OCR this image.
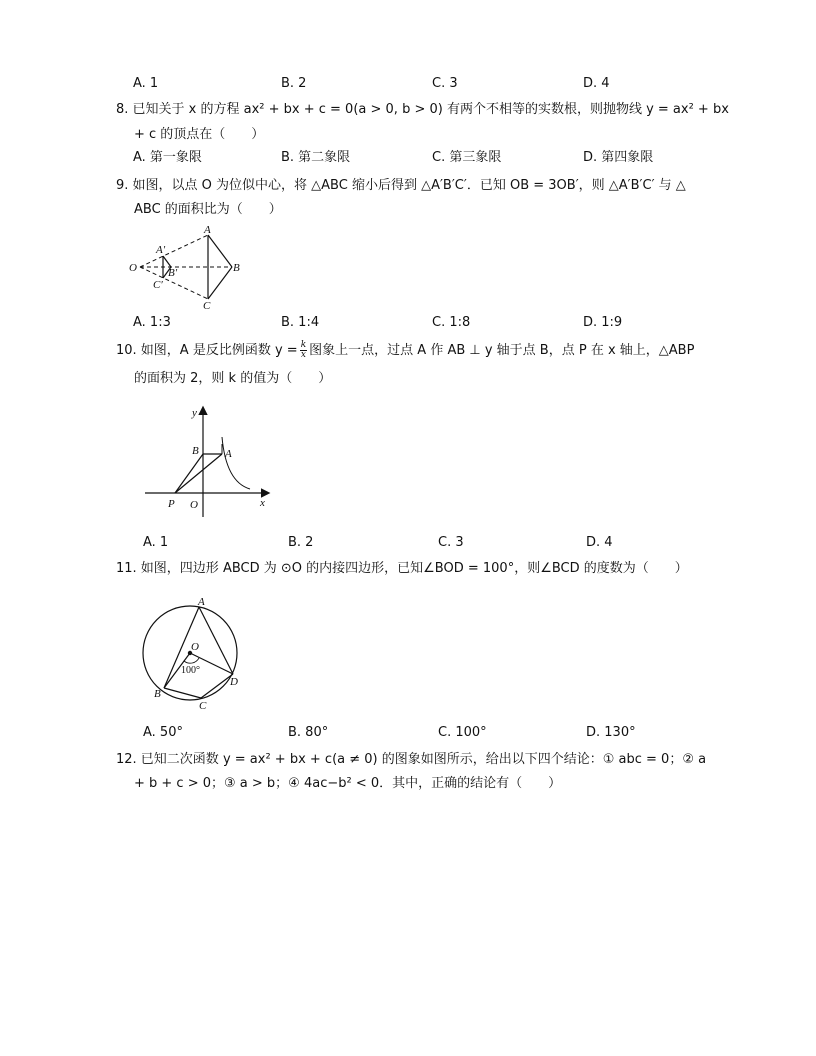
A. 1	B. 2	C. 3	D. 4
8. 已知关于 x 的方程 ax² + bx + c = 0(a > 0, b > 0) 有两个不相等的实数根，则抛物线 y = ax² + bx
+ c 的顶点在（　　）
A. 第一象限	B. 第二象限	C. 第三象限	D. 第四象限
9. 如图，以点 O 为位似中心，将 △ABC 缩小后得到 △A′B′C′．已知 OB = 3OB′，则 △A′B′C′ 与 △
ABC 的面积比为（　　）
O
A′
B′
C′
A
B
C
A. 1:3	B. 1:4	C. 1:8	D. 1:9
10. 如图，A 是反比例函数 $y = \frac{k}{x}$ 图象上一点，过点 A 作 AB ⊥ y 轴于点 B，点 P 在 x 轴上，△ABP
的面积为 2，则 k 的值为（　　）
y
x
B A
P O
A. 1	B. 2	C. 3	D. 4
11. 如图，四边形 ABCD 为 ⊙O 的内接四边形，已知∠BOD = 100°，则∠BCD 的度数为（　　）
A
O
100°
B
C
D
A. 50°	B. 80°	C. 100°	D. 130°
12. 已知二次函数 y = ax² + bx + c(a ≠ 0) 的图象如图所示，给出以下四个结论：① abc = 0；② a
+ b + c > 0；③ a > b；④ 4ac−b² < 0．其中，正确的结论有（　　）
